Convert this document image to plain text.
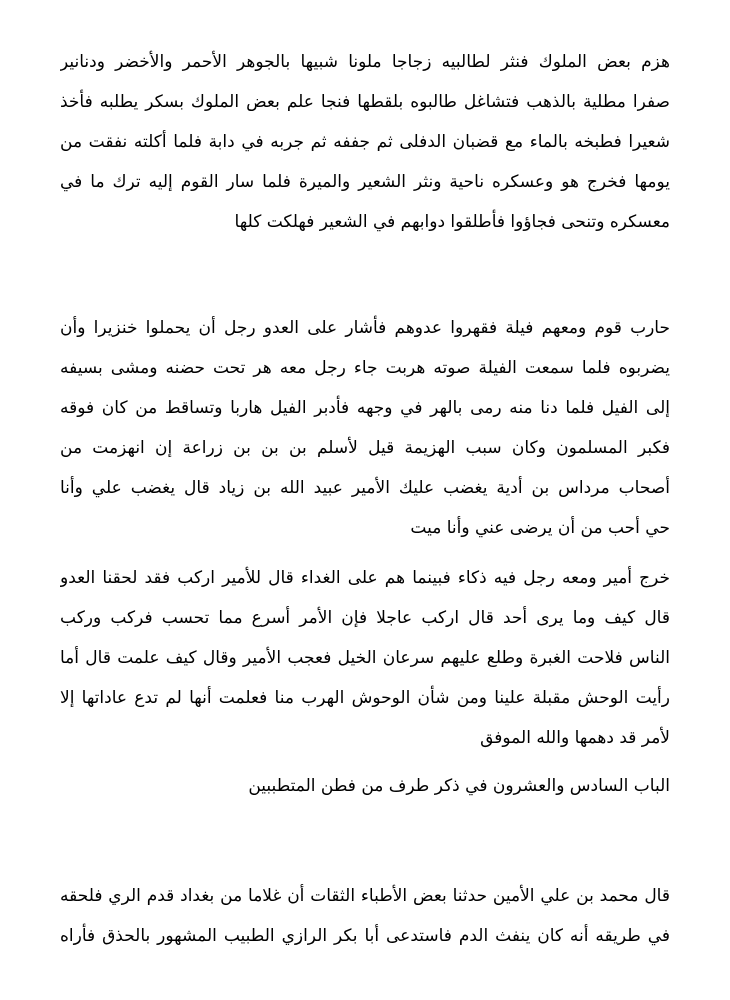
هزم بعض الملوك فنثر لطالبيه زجاجا ملونا شبيها بالجوهر الأحمر والأخضر ودنانير
صفرا مطلية بالذهب فتشاغل طالبوه بلقطها فنجا علم بعض الملوك بسكر يطلبه فأخذ
شعيرا فطبخه بالماء مع قضبان الدفلى ثم جففه ثم جربه في دابة فلما أكلته نفقت من
يومها فخرج هو وعسكره ناحية ونثر الشعير والميرة فلما سار القوم إليه ترك ما في
معسكره وتنحى فجاؤوا فأطلقوا دوابهم في الشعير فهلكت كلها

حارب قوم ومعهم فيلة فقهروا عدوهم فأشار على العدو رجل أن يحملوا خنزيرا وأن
يضربوه فلما سمعت الفيلة صوته هربت جاء رجل معه هر تحت حضنه ومشى بسيفه
إلى الفيل فلما دنا منه رمى بالهر في وجهه فأدبر الفيل هاربا وتساقط من كان فوقه
فكبر المسلمون وكان سبب الهزيمة قيل لأسلم بن بن بن زراعة إن انهزمت من
أصحاب مرداس بن أدية يغضب عليك الأمير عبيد الله بن زياد قال يغضب علي وأنا
حي أحب من أن يرضى عني وأنا ميت

خرج أمير ومعه رجل فيه ذكاء فبينما هم على الغداء قال للأمير اركب فقد لحقنا العدو
قال كيف وما يرى أحد قال اركب عاجلا فإن الأمر أسرع مما تحسب فركب وركب
الناس فلاحت الغبرة وطلع عليهم سرعان الخيل فعجب الأمير وقال كيف علمت قال أما
رأيت الوحش مقبلة علينا ومن شأن الوحوش الهرب منا فعلمت أنها لم تدع عاداتها إلا
لأمر قد دهمها والله الموفق

الباب السادس والعشرون في ذكر طرف من فطن المتطببين

قال محمد بن علي الأمين حدثنا بعض الأطباء الثقات أن غلاما من بغداد قدم الري فلحقه
في طريقه أنه كان ينفث الدم فاستدعى أبا بكر الرازي الطبيب المشهور بالحذق فأراه
